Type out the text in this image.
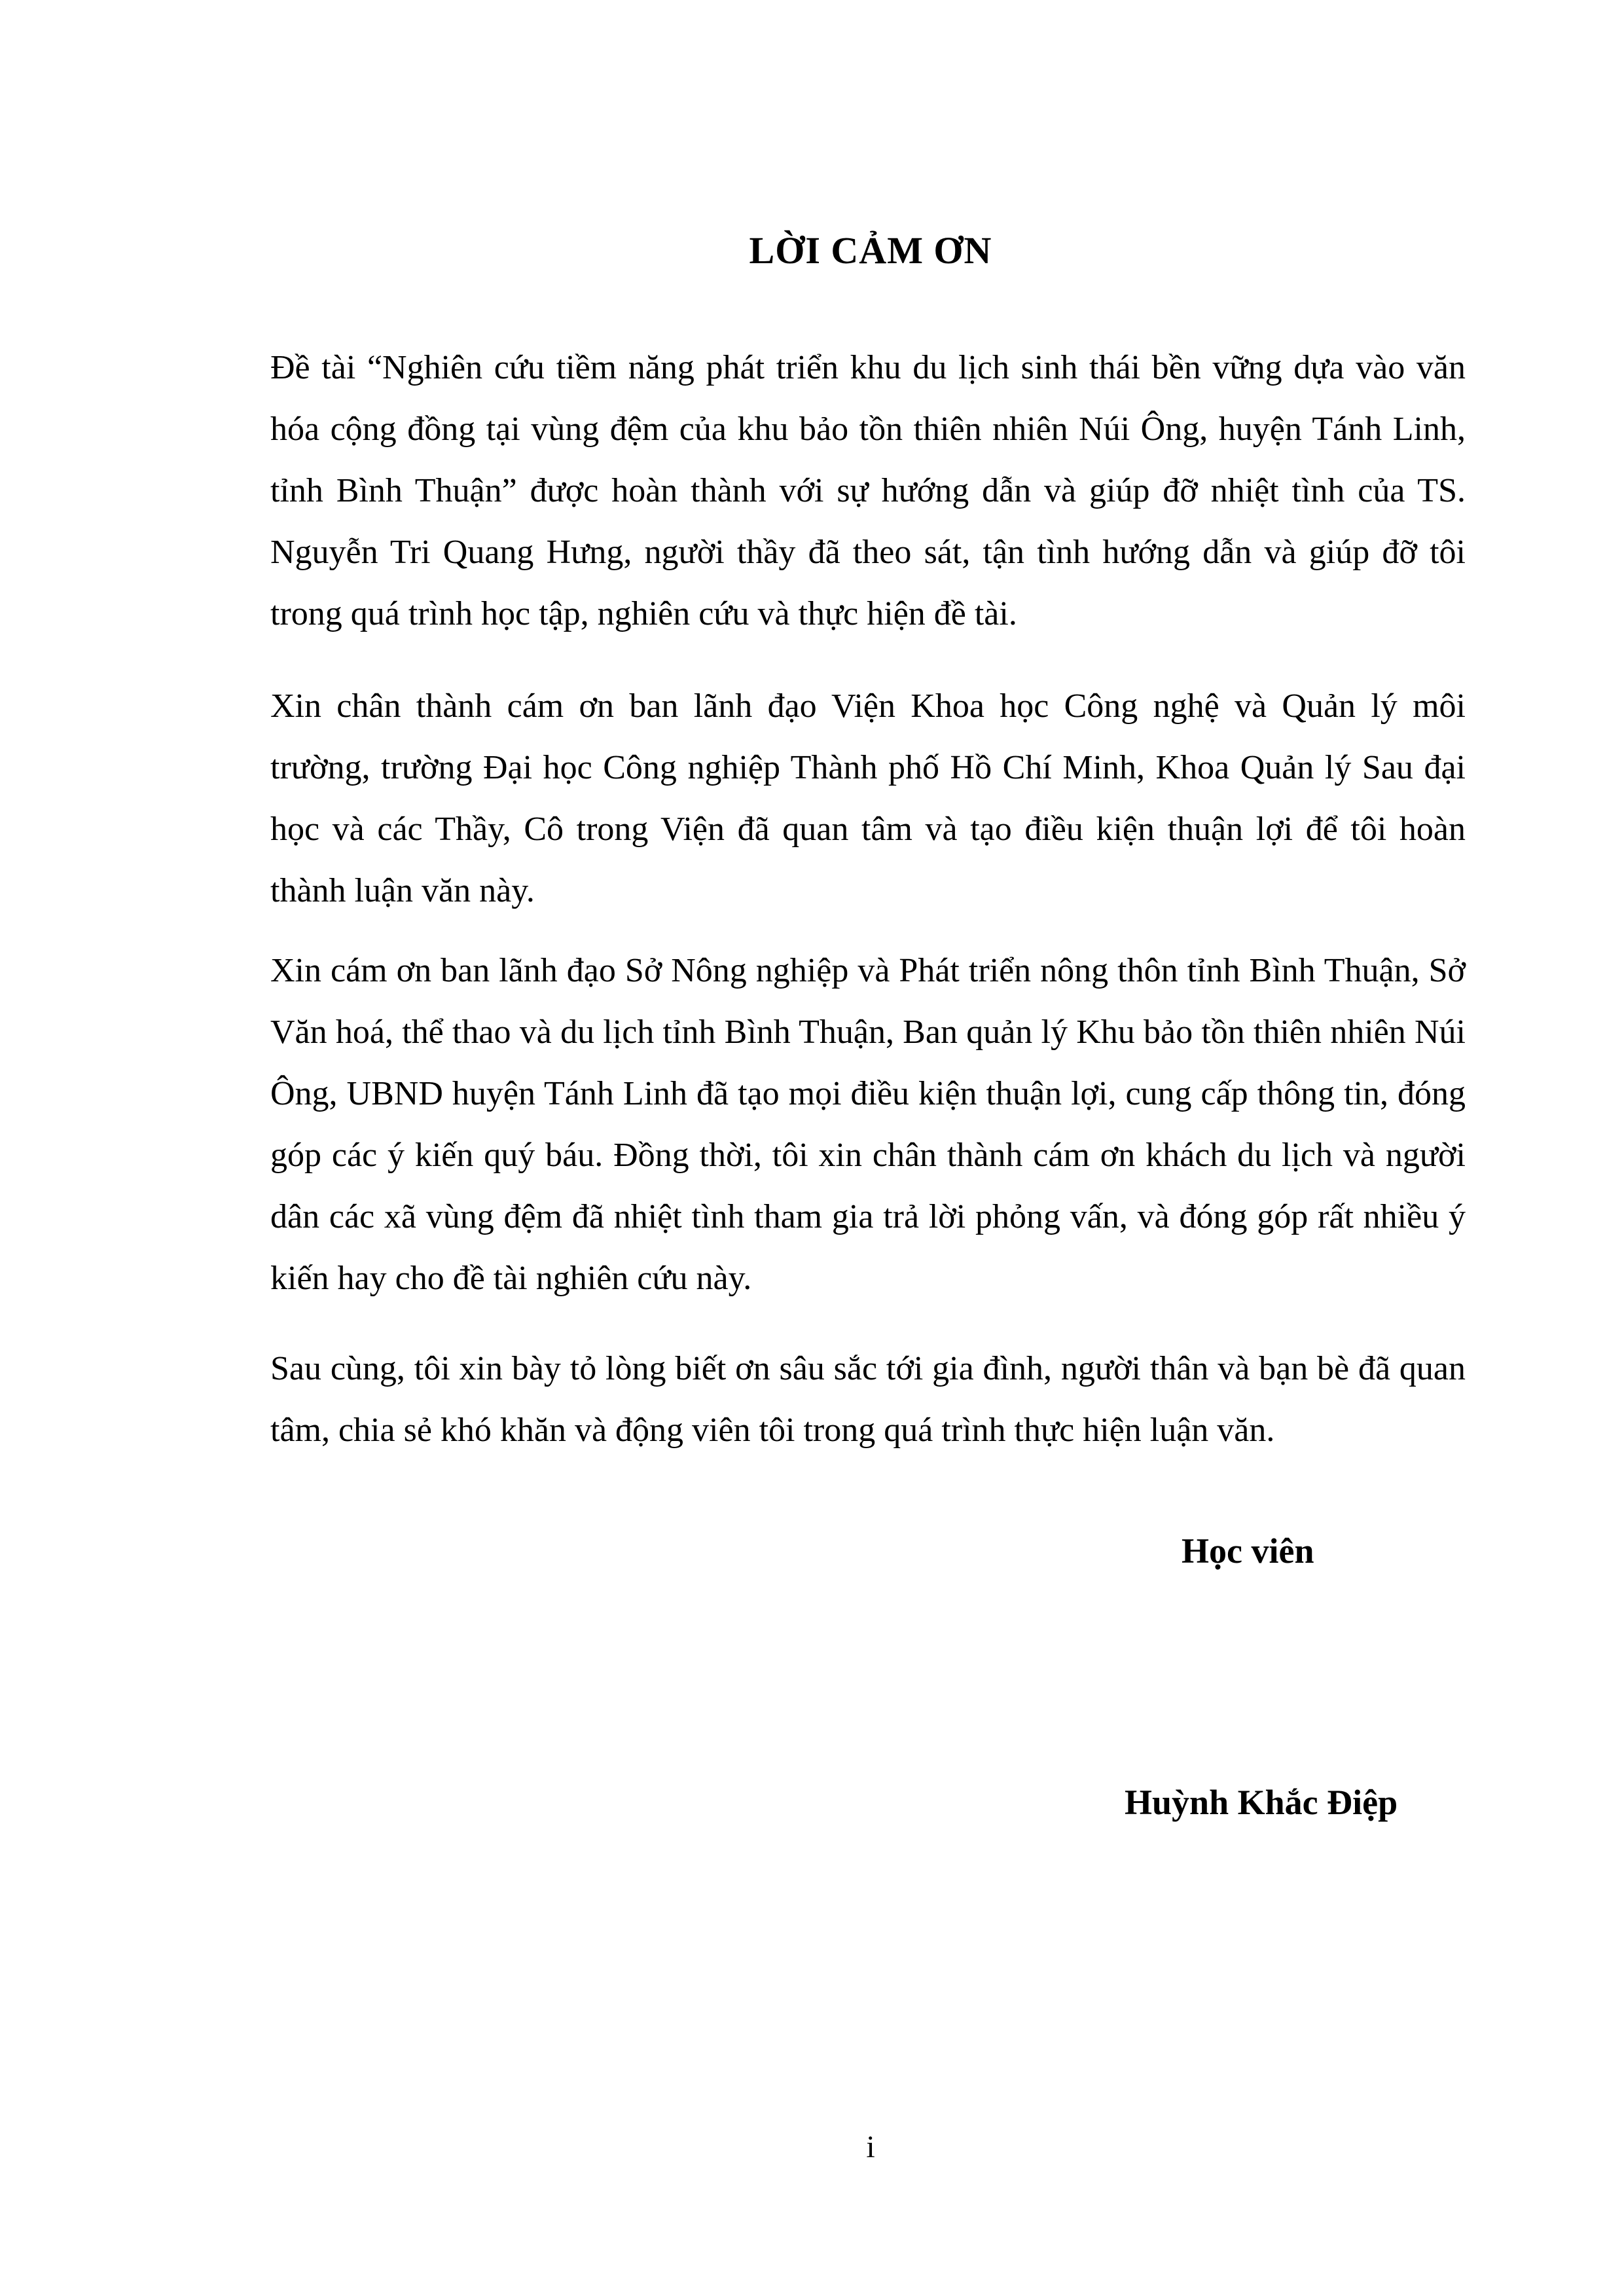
LỜI CẢM ƠN

Đề tài “Nghiên cứu tiềm năng phát triển khu du lịch sinh thái bền vững dựa vào văn hóa cộng đồng tại vùng đệm của khu bảo tồn thiên nhiên Núi Ông, huyện Tánh Linh, tỉnh Bình Thuận” được hoàn thành với sự hướng dẫn và giúp đỡ nhiệt tình của TS. Nguyễn Tri Quang Hưng, người thầy đã theo sát, tận tình hướng dẫn và giúp đỡ tôi trong quá trình học tập, nghiên cứu và thực hiện đề tài.

Xin chân thành cám ơn ban lãnh đạo Viện Khoa học Công nghệ và Quản lý môi trường, trường Đại học Công nghiệp Thành phố Hồ Chí Minh, Khoa Quản lý Sau đại học và các Thầy, Cô trong Viện đã quan tâm và tạo điều kiện thuận lợi để tôi hoàn thành luận văn này.

Xin cám ơn ban lãnh đạo Sở Nông nghiệp và Phát triển nông thôn tỉnh Bình Thuận, Sở Văn hoá, thể thao và du lịch tỉnh Bình Thuận, Ban quản lý Khu bảo tồn thiên nhiên Núi Ông, UBND huyện Tánh Linh đã tạo mọi điều kiện thuận lợi, cung cấp thông tin, đóng góp các ý kiến quý báu. Đồng thời, tôi xin chân thành cám ơn khách du lịch và người dân các xã vùng đệm đã nhiệt tình tham gia trả lời phỏng vấn, và đóng góp rất nhiều ý kiến hay cho đề tài nghiên cứu này.

Sau cùng, tôi xin bày tỏ lòng biết ơn sâu sắc tới gia đình, người thân và bạn bè đã quan tâm, chia sẻ khó khăn và động viên tôi trong quá trình thực hiện luận văn.

Học viên

Huỳnh Khắc Điệp

i
